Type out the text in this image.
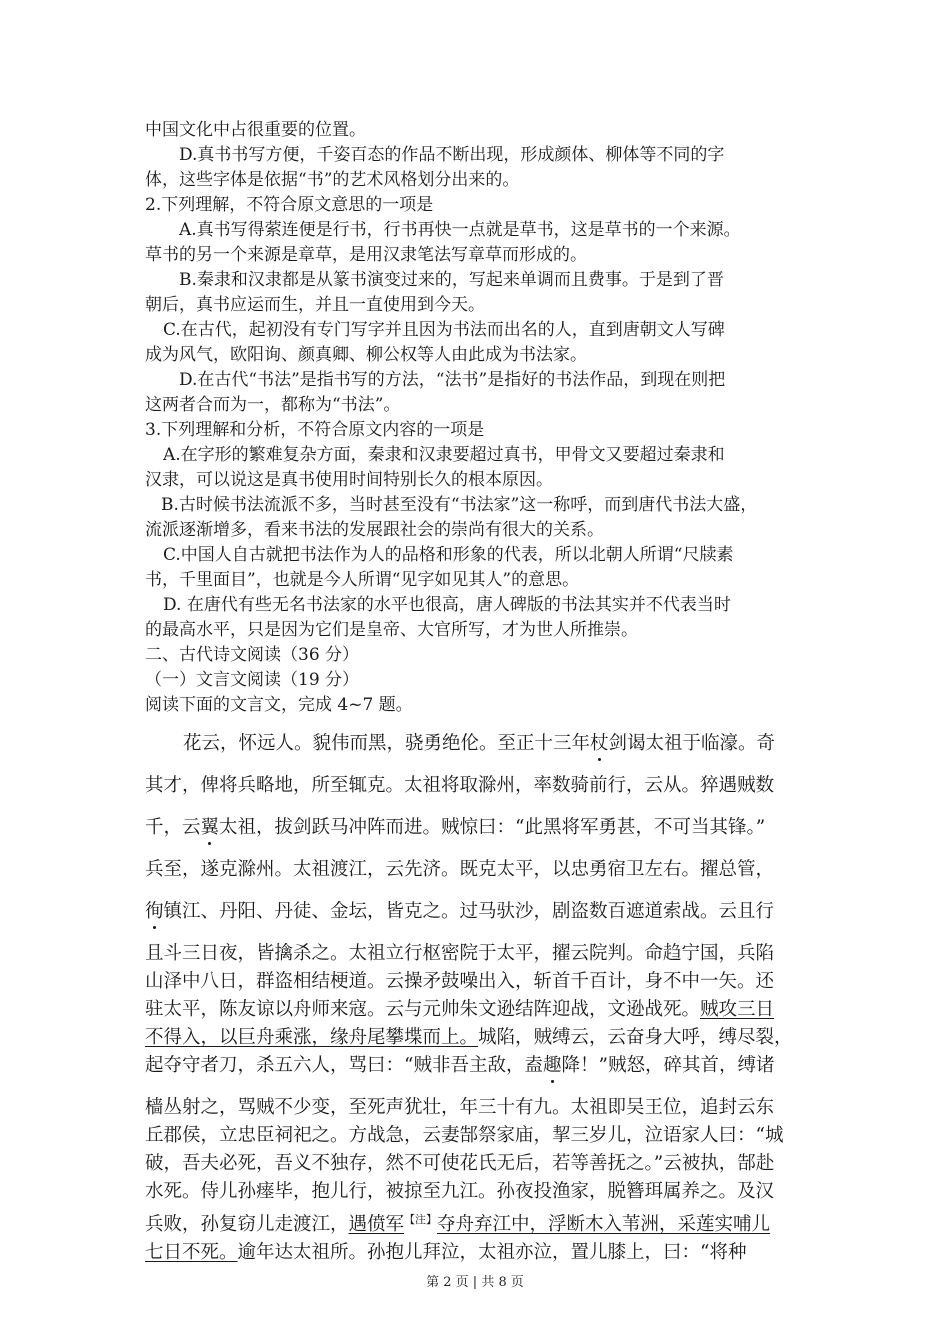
中国文化中占很重要的位置。
D.真书书写方便，千姿百态的作品不断出现，形成颜体、柳体等不同的字
体，这些字体是依据“书”的艺术风格划分出来的。
2.下列理解，不符合原文意思的一项是
A.真书写得萦连便是行书，行书再快一点就是草书，这是草书的一个来源。
草书的另一个来源是章草，是用汉隶笔法写章草而形成的。
B.秦隶和汉隶都是从篆书演变过来的，写起来单调而且费事。于是到了晋
朝后，真书应运而生，并且一直使用到今天。
C.在古代，起初没有专门写字并且因为书法而出名的人，直到唐朝文人写碑
成为风气，欧阳询、颜真卿、柳公权等人由此成为书法家。
D.在古代“书法”是指书写的方法，“法书”是指好的书法作品，到现在则把
这两者合而为一，都称为“书法”。
3.下列理解和分析，不符合原文内容的一项是
A.在字形的繁难复杂方面，秦隶和汉隶要超过真书，甲骨文又要超过秦隶和
汉隶，可以说这是真书使用时间特别长久的根本原因。
B.古时候书法流派不多，当时甚至没有“书法家”这一称呼，而到唐代书法大盛，
流派逐渐增多，看来书法的发展跟社会的崇尚有很大的关系。
C.中国人自古就把书法作为人的品格和形象的代表，所以北朝人所谓“尺牍素
书，千里面目”，也就是今人所谓“见字如见其人”的意思。
D. 在唐代有些无名书法家的水平也很高，唐人碑版的书法其实并不代表当时
的最高水平，只是因为它们是皇帝、大官所写，才为世人所推崇。
二、古代诗文阅读（36 分）
（一）文言文阅读（19 分）
阅读下面的文言文，完成 4~7 题。
花云，怀远人。貌伟而黑，骁勇绝伦。至正十三年杖剑谒太祖于临濠。奇
其才，俾将兵略地，所至辄克。太祖将取滁州，率数骑前行，云从。猝遇贼数
千，云翼太祖，拔剑跃马冲阵而进。贼惊曰：“此黑将军勇甚，不可当其锋。”
兵至，遂克滁州。太祖渡江，云先济。既克太平，以忠勇宿卫左右。擢总管，
徇镇江、丹阳、丹徒、金坛，皆克之。过马驮沙，剧盗数百遮道索战。云且行
且斗三日夜，皆擒杀之。太祖立行枢密院于太平，擢云院判。命趋宁国，兵陷
山泽中八日，群盗相结梗道。云操矛鼓噪出入，斩首千百计，身不中一矢。还
驻太平，陈友谅以舟师来寇。云与元帅朱文逊结阵迎战，文逊战死。贼攻三日
不得入，以巨舟乘涨，缘舟尾攀堞而上。城陷，贼缚云，云奋身大呼，缚尽裂，
起夺守者刀，杀五六人，骂曰：“贼非吾主敌，盍趣降！”贼怒，碎其首，缚诸
樯丛射之，骂贼不少变，至死声犹壮，年三十有九。太祖即吴王位，追封云东
丘郡侯，立忠臣祠祀之。方战急，云妻郜祭家庙，挈三岁儿，泣语家人曰：“城
破，吾夫必死，吾义不独存，然不可使花氏无后，若等善抚之。”云被执，郜赴
水死。侍儿孙瘗毕，抱儿行，被掠至九江。孙夜投渔家，脱簪珥属养之。及汉
兵败，孙复窃儿走渡江，遇偾军$^{【注】}$夺舟弃江中，浮断木入苇洲，采莲实哺儿
七日不死。逾年达太祖所。孙抱儿拜泣，太祖亦泣，置儿膝上，曰：“将种
第 2 页 | 共 8 页
